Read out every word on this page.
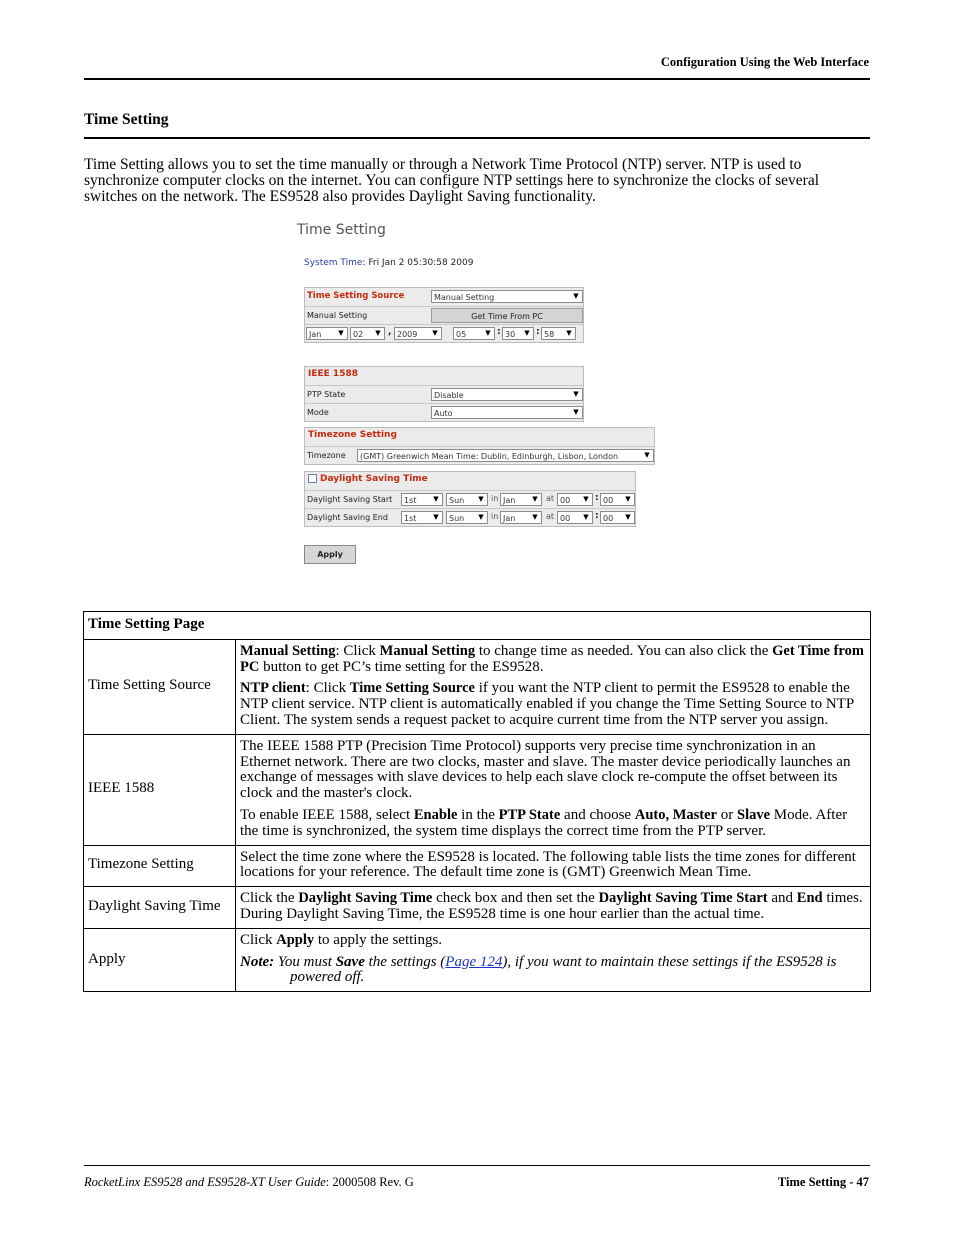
Configuration Using the Web Interface
Time Setting

Time Setting allows you to set the time manually or through a Network Time Protocol (NTP) server. NTP is used to synchronize computer clocks on the internet. You can configure NTP settings here to synchronize the clocks of several switches on the network. The ES9528 also provides Daylight Saving functionality.

Time Setting
System Time: Fri Jan 2 05:30:58 2009
Time Setting Source	Manual Setting	▼
Manual Setting	Get Time From PC
Jan	▼	02	▼ , 2009	▼	05	▼ : 30	▼ : 58	▼
IEEE 1588
PTP State	Disable	▼
Mode	Auto	▼
Timezone Setting
Timezone	(GMT) Greenwich Mean Time: Dublin, Edinburgh, Lisbon, London	▼
Daylight Saving Time
Daylight Saving Start	1st	▼	Sun	▼ in Jan	▼	at 00	▼ : 00	▼
Daylight Saving End	1st	▼	Sun	▼ in Jan	▼	at 00	▼ : 00	▼
Apply
Time Setting Page	
Time Setting Source	Manual Setting: Click Manual Setting to change time as needed. You can also click the Get Time from PC button to get PC’s time setting for the ES9528.

NTP client: Click Time Setting Source if you want the NTP client to permit the ES9528 to enable the NTP client service. NTP client is automatically enabled if you change the Time Setting Source to NTP Client. The system sends a request packet to acquire current time from the NTP server you assign.

IEEE 1588	The IEEE 1588 PTP (Precision Time Protocol) supports very precise time synchronization in an Ethernet network. There are two clocks, master and slave. The master device periodically launches an exchange of messages with slave devices to help each slave clock re-compute the offset between its clock and the master's clock.

To enable IEEE 1588, select Enable in the PTP State and choose Auto, Master or Slave Mode. After the time is synchronized, the system time displays the correct time from the PTP server.

Timezone Setting	Select the time zone where the ES9528 is located. The following table lists the time zones for different locations for your reference. The default time zone is (GMT) Greenwich Mean Time.

Daylight Saving Time	Click the Daylight Saving Time check box and then set the Daylight Saving Time Start and End times. During Daylight Saving Time, the ES9528 time is one hour earlier than the actual time.

Apply	Click Apply to apply the settings.

Note: You must Save the settings (Page 124), if you want to maintain these settings if the ES9528 is powered off.

RocketLinx ES9528 and ES9528-XT User Guide: 2000508 Rev. G	Time Setting - 47
